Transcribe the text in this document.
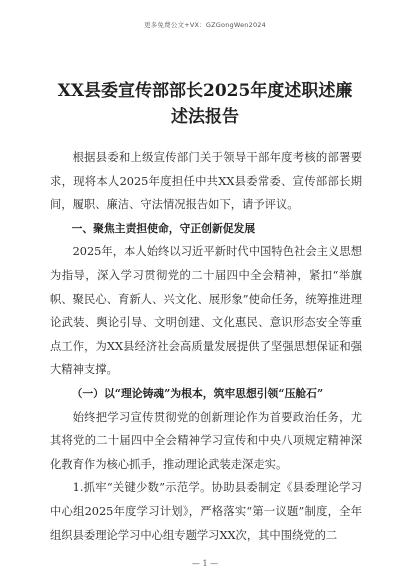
更多免费公文+VX：GZGongWen2024
XX县委宣传部部长2025年度述职述廉述法报告

根据县委和上级宣传部门关于领导干部年度考核的部署要求，现将本人2025年度担任中共XX县委常委、宣传部部长期间，履职、廉洁、守法情况报告如下，请予评议。

一、聚焦主责担使命，守正创新促发展

2025年，本人始终以习近平新时代中国特色社会主义思想为指导，深入学习贯彻党的二十届四中全会精神，紧扣“举旗帜、聚民心、育新人、兴文化、展形象”使命任务，统筹推进理论武装、舆论引导、文明创建、文化惠民、意识形态安全等重点工作，为XX县经济社会高质量发展提供了坚强思想保证和强大精神支撑。

（一）以“理论铸魂”为根本，筑牢思想引领“压舱石”

始终把学习宣传贯彻党的创新理论作为首要政治任务，尤其将党的二十届四中全会精神学习宣传和中央八项规定精神深化教育作为核心抓手，推动理论武装走深走实。

1.抓牢“关键少数”示范学。协助县委制定《县委理论学习中心组2025年度学习计划》，严格落实“第一议题”制度，全年组织县委理论学习中心组专题学习XX次，其中围绕党的二

— 1 —
